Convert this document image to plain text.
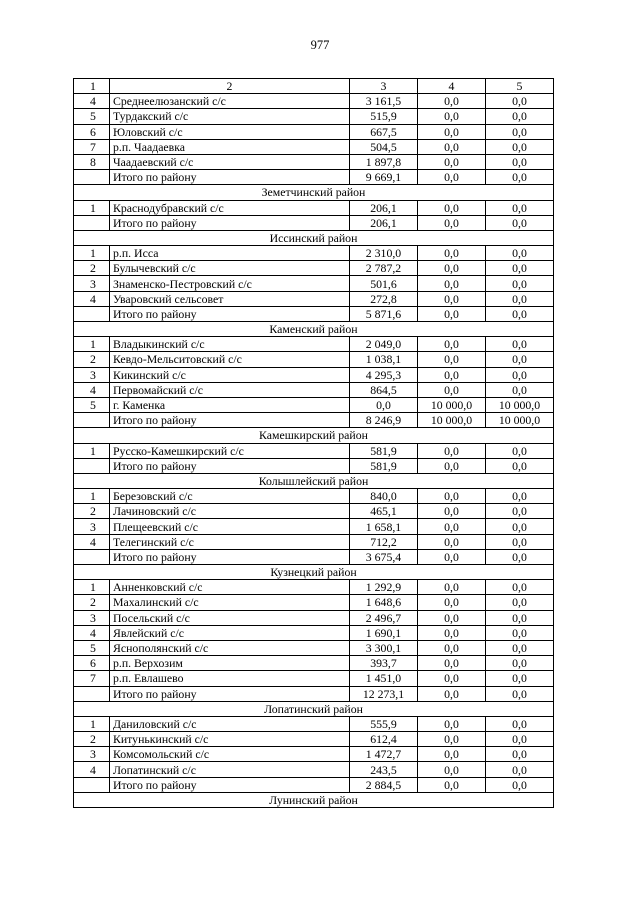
977
1	2	3	4	5
4	Среднеелюзанский с/с	3 161,5	0,0	0,0
5	Турдакский с/с	515,9	0,0	0,0
6	Юловский с/с	667,5	0,0	0,0
7	р.п. Чаадаевка	504,5	0,0	0,0
8	Чаадаевский с/с	1 897,8	0,0	0,0
	Итого по району	9 669,1	0,0	0,0
Земетчинский район				
1	Краснодубравский с/с	206,1	0,0	0,0
	Итого по району	206,1	0,0	0,0
Иссинский район				
1	р.п. Исса	2 310,0	0,0	0,0
2	Булычевский с/с	2 787,2	0,0	0,0
3	Знаменско-Пестровский с/с	501,6	0,0	0,0
4	Уваровский сельсовет	272,8	0,0	0,0
	Итого по району	5 871,6	0,0	0,0
Каменский район				
1	Владыкинский с/с	2 049,0	0,0	0,0
2	Кевдо-Мельситовский с/с	1 038,1	0,0	0,0
3	Кикинский с/с	4 295,3	0,0	0,0
4	Первомайский с/с	864,5	0,0	0,0
5	г. Каменка	0,0	10 000,0	10 000,0
	Итого по району	8 246,9	10 000,0	10 000,0
Камешкирский район				
1	Русско-Камешкирский с/с	581,9	0,0	0,0
	Итого по району	581,9	0,0	0,0
Колышлейский район				
1	Березовский с/с	840,0	0,0	0,0
2	Лачиновский с/с	465,1	0,0	0,0
3	Плещеевский с/с	1 658,1	0,0	0,0
4	Телегинский с/с	712,2	0,0	0,0
	Итого по району	3 675,4	0,0	0,0
Кузнецкий район				
1	Анненковский с/с	1 292,9	0,0	0,0
2	Махалинский с/с	1 648,6	0,0	0,0
3	Посельский с/с	2 496,7	0,0	0,0
4	Явлейский с/с	1 690,1	0,0	0,0
5	Яснополянский с/с	3 300,1	0,0	0,0
6	р.п. Верхозим	393,7	0,0	0,0
7	р.п. Евлашево	1 451,0	0,0	0,0
	Итого по району	12 273,1	0,0	0,0
Лопатинский район				
1	Даниловский с/с	555,9	0,0	0,0
2	Китунькинский с/с	612,4	0,0	0,0
3	Комсомольский с/с	1 472,7	0,0	0,0
4	Лопатинский с/с	243,5	0,0	0,0
	Итого по району	2 884,5	0,0	0,0
Лунинский район				
